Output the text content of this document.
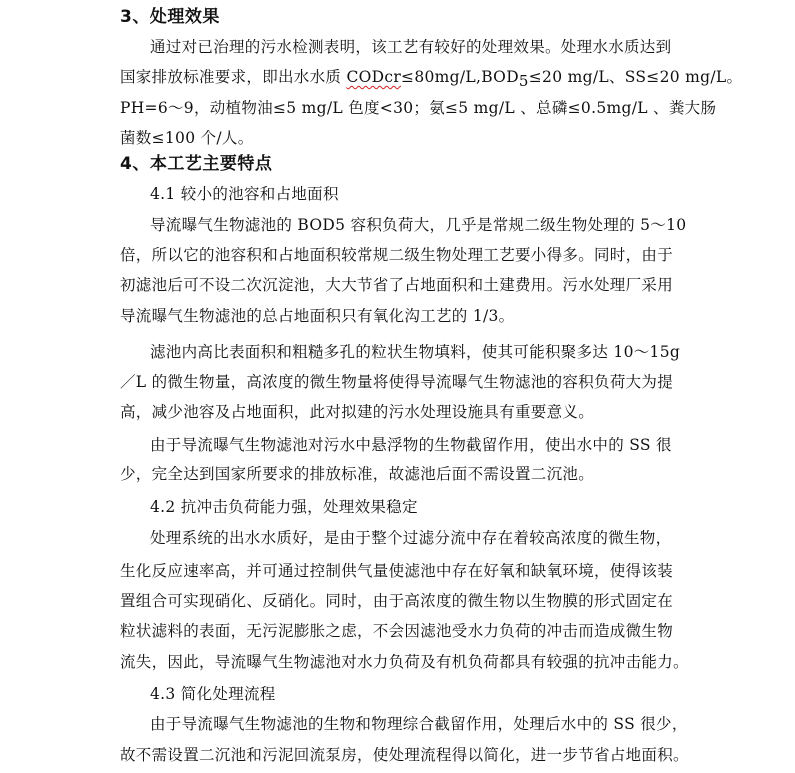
3、处理效果
通过对已治理的污水检测表明，该工艺有较好的处理效果。处理水水质达到
国家排放标准要求，即出水水质 $CODcr\le 80mg/L,BOD_5\le 20$ mg/L、SS≤20 mg/L。
PH=6～9，动植物油≤5 mg/L 色度<30；氨≤5 mg/L 、总磷≤0.5mg/L 、粪大肠
菌数≤100 个/人。
4、本工艺主要特点
4.1 较小的池容和占地面积
导流曝气生物滤池的 BOD5 容积负荷大，几乎是常规二级生物处理的 5～10
倍，所以它的池容积和占地面积较常规二级生物处理工艺要小得多。同时，由于
初滤池后可不设二次沉淀池，大大节省了占地面积和土建费用。污水处理厂采用
导流曝气生物滤池的总占地面积只有氧化沟工艺的 1/3。
滤池内高比表面积和粗糙多孔的粒状生物填料，使其可能积聚多达 10～15g
／L 的微生物量，高浓度的微生物量将使得导流曝气生物滤池的容积负荷大为提
高，减少池容及占地面积，此对拟建的污水处理设施具有重要意义。
由于导流曝气生物滤池对污水中悬浮物的生物截留作用，使出水中的 SS 很
少，完全达到国家所要求的排放标准，故滤池后面不需设置二沉池。
4.2 抗冲击负荷能力强，处理效果稳定
处理系统的出水水质好，是由于整个过滤分流中存在着较高浓度的微生物，
生化反应速率高，并可通过控制供气量使滤池中存在好氧和缺氧环境，使得该装
置组合可实现硝化、反硝化。同时，由于高浓度的微生物以生物膜的形式固定在
粒状滤料的表面，无污泥膨胀之虑，不会因滤池受水力负荷的冲击而造成微生物
流失，因此，导流曝气生物滤池对水力负荷及有机负荷都具有较强的抗冲击能力。
4.3 简化处理流程
由于导流曝气生物滤池的生物和物理综合截留作用，处理后水中的 SS 很少，
故不需设置二沉池和污泥回流泵房，使处理流程得以简化，进一步节省占地面积。
